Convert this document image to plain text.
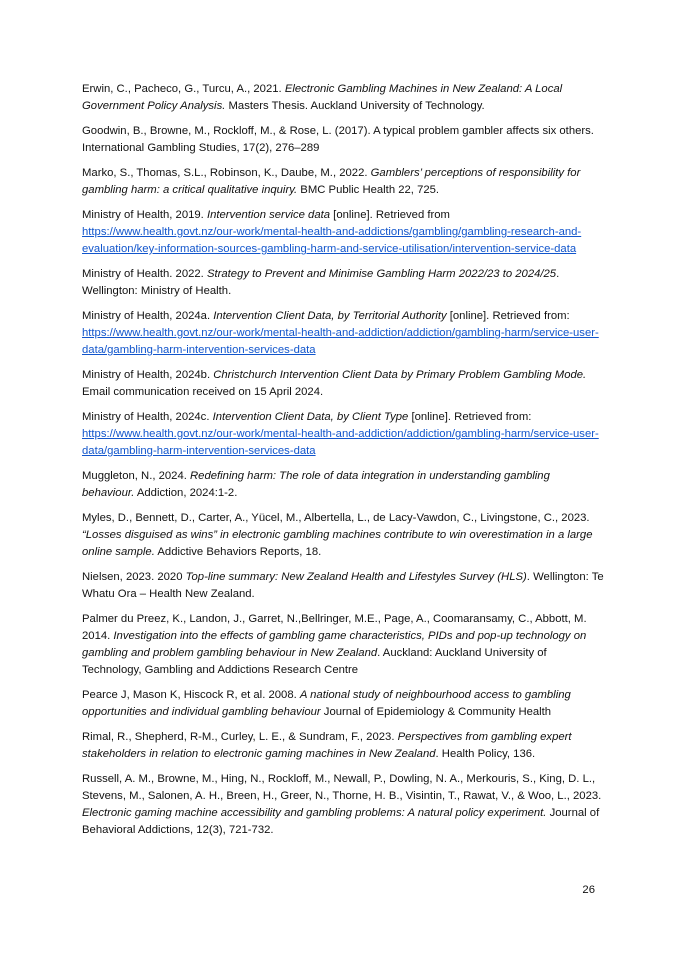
Erwin, C., Pacheco, G., Turcu, A., 2021. Electronic Gambling Machines in New Zealand: A Local Government Policy Analysis. Masters Thesis. Auckland University of Technology.

Goodwin, B., Browne, M., Rockloff, M., & Rose, L. (2017). A typical problem gambler affects six others. International Gambling Studies, 17(2), 276–289

Marko, S., Thomas, S.L., Robinson, K., Daube, M., 2022. Gamblers’ perceptions of responsibility for gambling harm: a critical qualitative inquiry. BMC Public Health 22, 725.

Ministry of Health, 2019. Intervention service data [online]. Retrieved from https://www.health.govt.nz/our-work/mental-health-and-addictions/gambling/gambling-research-and-evaluation/key-information-sources-gambling-harm-and-service-utilisation/intervention-service-data

Ministry of Health. 2022. Strategy to Prevent and Minimise Gambling Harm 2022/23 to 2024/25. Wellington: Ministry of Health.

Ministry of Health, 2024a. Intervention Client Data, by Territorial Authority [online]. Retrieved from: https://www.health.govt.nz/our-work/mental-health-and-addiction/addiction/gambling-harm/service-user-data/gambling-harm-intervention-services-data

Ministry of Health, 2024b. Christchurch Intervention Client Data by Primary Problem Gambling Mode. Email communication received on 15 April 2024.

Ministry of Health, 2024c. Intervention Client Data, by Client Type [online]. Retrieved from: https://www.health.govt.nz/our-work/mental-health-and-addiction/addiction/gambling-harm/service-user-data/gambling-harm-intervention-services-data

Muggleton, N., 2024. Redefining harm: The role of data integration in understanding gambling behaviour. Addiction, 2024:1-2.

Myles, D., Bennett, D., Carter, A., Yücel, M., Albertella, L., de Lacy-Vawdon, C., Livingstone, C., 2023. “Losses disguised as wins” in electronic gambling machines contribute to win overestimation in a large online sample. Addictive Behaviors Reports, 18.

Nielsen, 2023. 2020 Top-line summary: New Zealand Health and Lifestyles Survey (HLS). Wellington: Te Whatu Ora – Health New Zealand.

Palmer du Preez, K., Landon, J., Garret, N.,Bellringer, M.E., Page, A., Coomaransamy, C., Abbott, M. 2014. Investigation into the effects of gambling game characteristics, PIDs and pop-up technology on gambling and problem gambling behaviour in New Zealand. Auckland: Auckland University of Technology, Gambling and Addictions Research Centre

Pearce J, Mason K, Hiscock R, et al. 2008. A national study of neighbourhood access to gambling opportunities and individual gambling behaviour Journal of Epidemiology & Community Health

Rimal, R., Shepherd, R-M., Curley, L. E., & Sundram, F., 2023. Perspectives from gambling expert stakeholders in relation to electronic gaming machines in New Zealand. Health Policy, 136.

Russell, A. M., Browne, M., Hing, N., Rockloff, M., Newall, P., Dowling, N. A., Merkouris, S., King, D. L., Stevens, M., Salonen, A. H., Breen, H., Greer, N., Thorne, H. B., Visintin, T., Rawat, V., & Woo, L., 2023. Electronic gaming machine accessibility and gambling problems: A natural policy experiment. Journal of Behavioral Addictions, 12(3), 721-732.

26
